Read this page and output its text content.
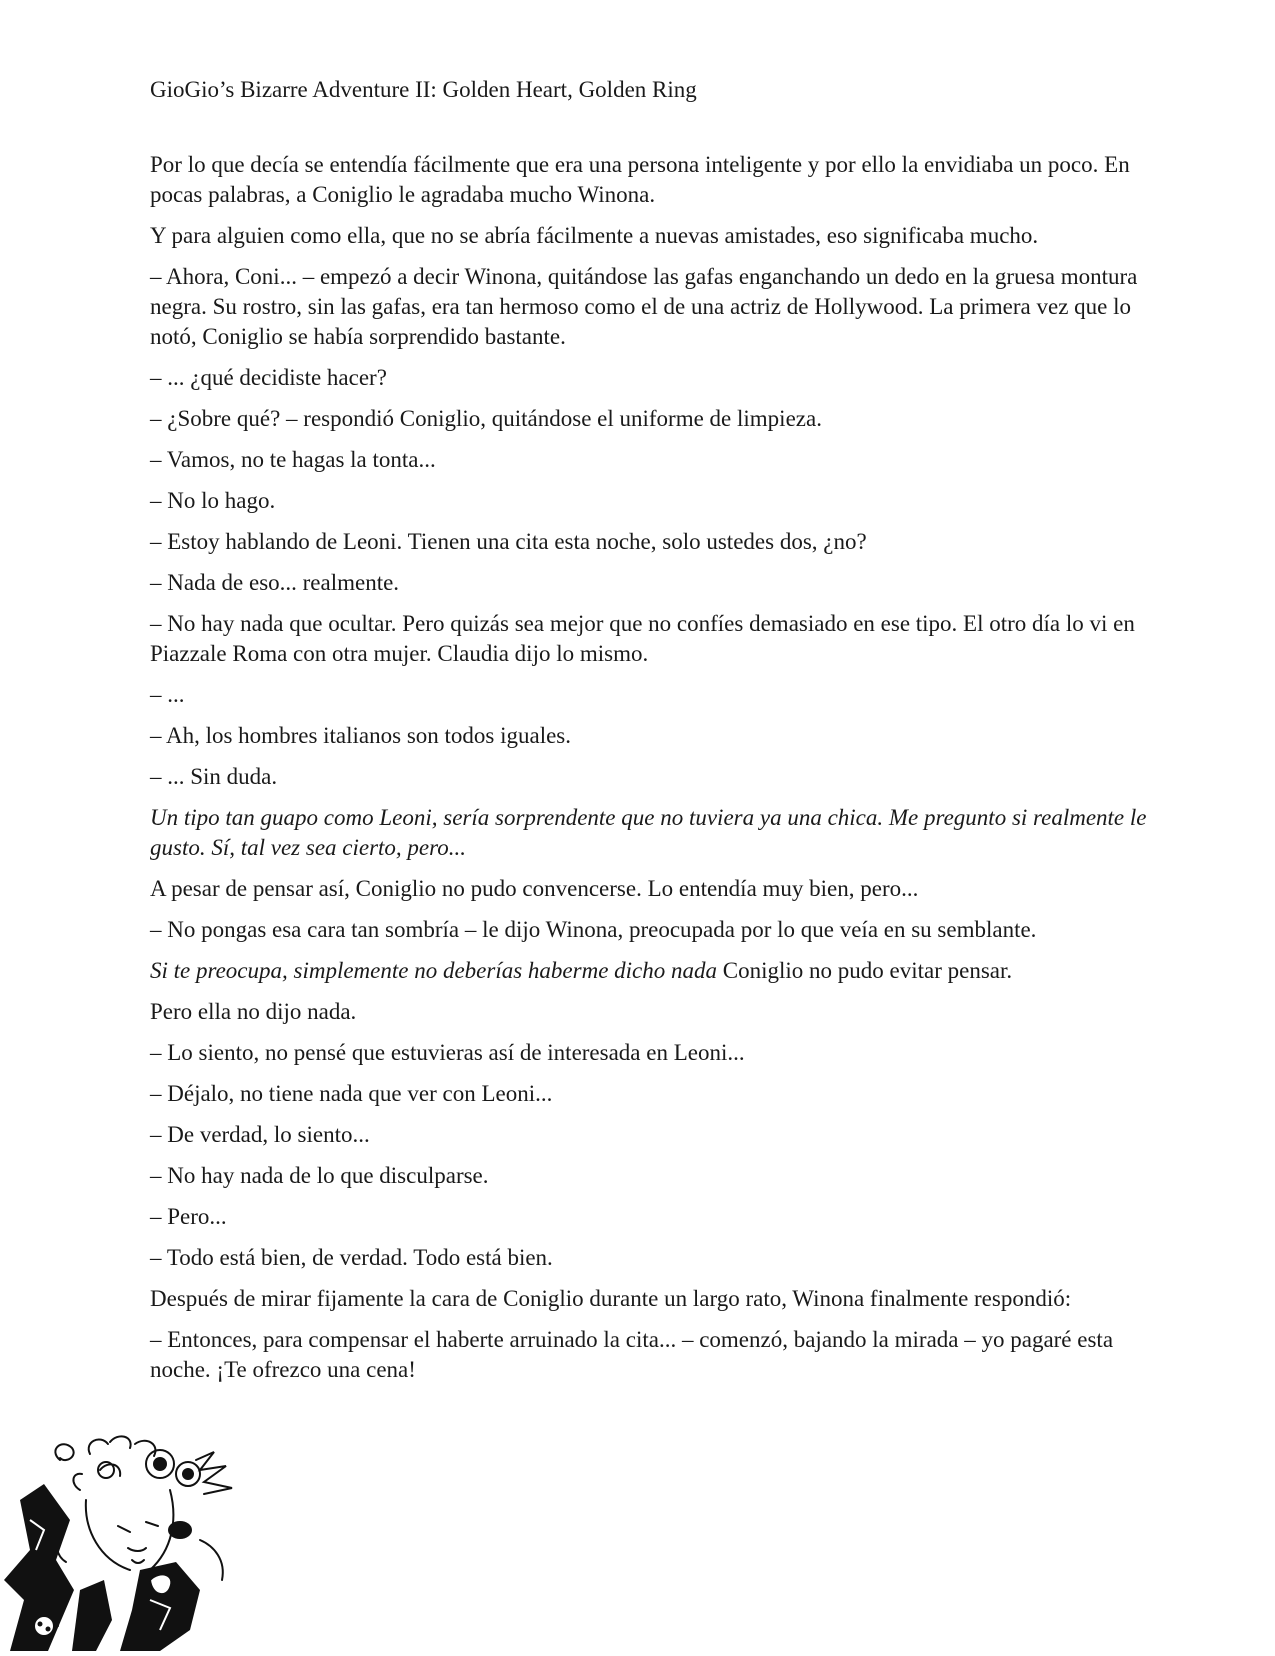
GioGio’s Bizarre Adventure II: Golden Heart, Golden Ring

Por lo que decía se entendía fácilmente que era una persona inteligente y por ello la envidiaba un poco. En pocas palabras, a Coniglio le agradaba mucho Winona.

Y para alguien como ella, que no se abría fácilmente a nuevas amistades, eso significaba mucho.

– Ahora, Coni... – empezó a decir Winona, quitándose las gafas enganchando un dedo en la gruesa montura negra. Su rostro, sin las gafas, era tan hermoso como el de una actriz de Hollywood. La primera vez que lo notó, Coniglio se había sorprendido bastante.

– ... ¿qué decidiste hacer?

– ¿Sobre qué? – respondió Coniglio, quitándose el uniforme de limpieza.

– Vamos, no te hagas la tonta...

– No lo hago.

– Estoy hablando de Leoni. Tienen una cita esta noche, solo ustedes dos, ¿no?

– Nada de eso... realmente.

– No hay nada que ocultar. Pero quizás sea mejor que no confíes demasiado en ese tipo. El otro día lo vi en Piazzale Roma con otra mujer. Claudia dijo lo mismo.

– ...

– Ah, los hombres italianos son todos iguales.

– ... Sin duda.

Un tipo tan guapo como Leoni, sería sorprendente que no tuviera ya una chica. Me pregunto si realmente le gusto. Sí, tal vez sea cierto, pero...

A pesar de pensar así, Coniglio no pudo convencerse. Lo entendía muy bien, pero...

– No pongas esa cara tan sombría – le dijo Winona, preocupada por lo que veía en su semblante.

Si te preocupa, simplemente no deberías haberme dicho nada Coniglio no pudo evitar pensar.

Pero ella no dijo nada.

– Lo siento, no pensé que estuvieras así de interesada en Leoni...

– Déjalo, no tiene nada que ver con Leoni...

– De verdad, lo siento...

– No hay nada de lo que disculparse.

– Pero...

– Todo está bien, de verdad. Todo está bien.

Después de mirar fijamente la cara de Coniglio durante un largo rato, Winona finalmente respondió:

– Entonces, para compensar el haberte arruinado la cita... – comenzó, bajando la mirada – yo pagaré esta noche. ¡Te ofrezco una cena!
